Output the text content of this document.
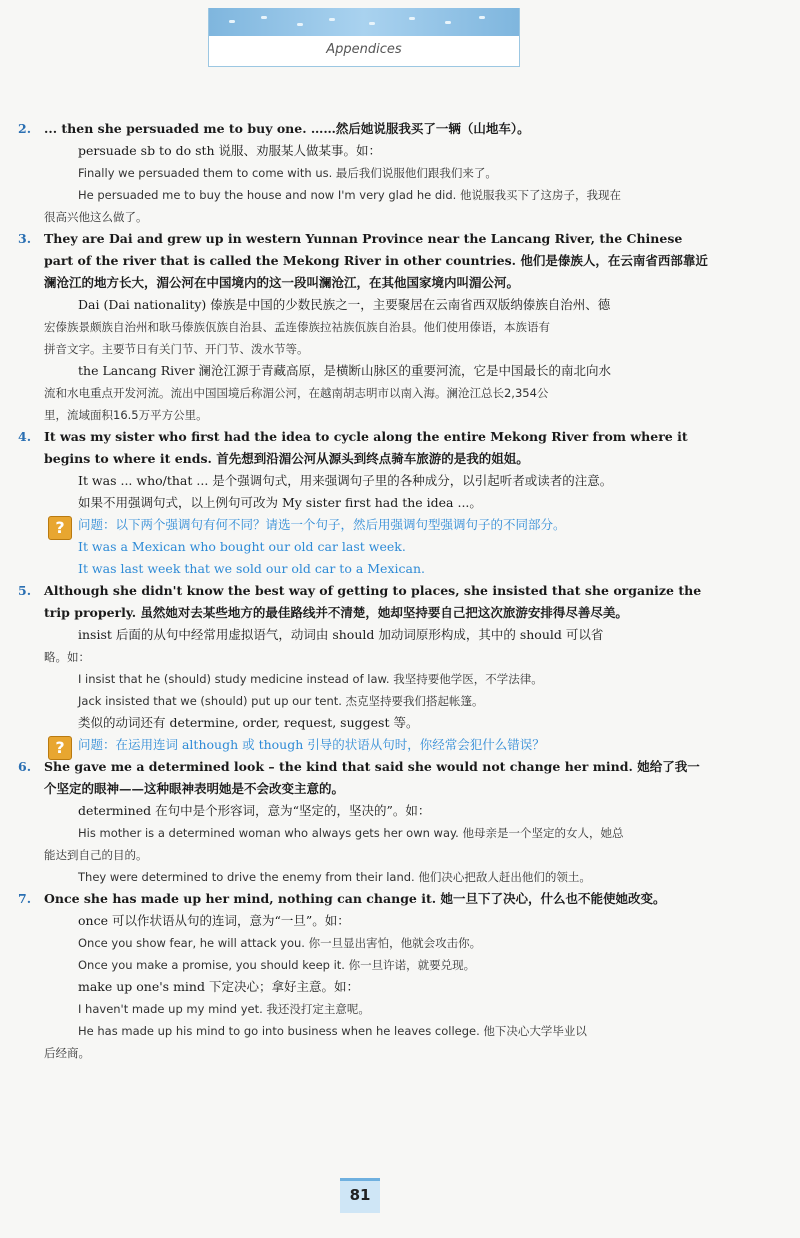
Appendices
2. ... then she persuaded me to buy one. ……然后她说服我买了一辆（山地车）。
persuade sb to do sth 说服、劝服某人做某事。如：
Finally we persuaded them to come with us. 最后我们说服他们跟我们来了。
He persuaded me to buy the house and now I'm very glad he did. 他说服我买下了这房子，我现在
很高兴他这么做了。
3. They are Dai and grew up in western Yunnan Province near the Lancang River, the Chinese part of the river that is called the Mekong River in other countries. 他们是傣族人，在云南省西部靠近澜沧江的地方长大，湄公河在中国境内的这一段叫澜沧江，在其他国家境内叫湄公河。
Dai (Dai nationality) 傣族是中国的少数民族之一，主要聚居在云南省西双版纳傣族自治州、德
宏傣族景颇族自治州和耿马傣族佤族自治县、孟连傣族拉祜族佤族自治县。他们使用傣语，本族语有
拼音文字。主要节日有关门节、开门节、泼水节等。
the Lancang River 澜沧江源于青藏高原，是横断山脉区的重要河流，它是中国最长的南北向水
流和水电重点开发河流。流出中国国境后称湄公河，在越南胡志明市以南入海。澜沧江总长2,354公
里，流域面积16.5万平方公里。
4. It was my sister who first had the idea to cycle along the entire Mekong River from where it begins to where it ends. 首先想到沿湄公河从源头到终点骑车旅游的是我的姐姐。
It was ... who/that ... 是个强调句式，用来强调句子里的各种成分，以引起听者或读者的注意。
如果不用强调句式，以上例句可改为 My sister first had the idea ...。
?	问题：以下两个强调句有何不同？请选一个句子，然后用强调句型强调句子的不同部分。
It was a Mexican who bought our old car last week.
It was last week that we sold our old car to a Mexican.
5. Although she didn't know the best way of getting to places, she insisted that she organize the trip properly. 虽然她对去某些地方的最佳路线并不清楚，她却坚持要自己把这次旅游安排得尽善尽美。
insist 后面的从句中经常用虚拟语气，动词由 should 加动词原形构成，其中的 should 可以省
略。如：
I insist that he (should) study medicine instead of law. 我坚持要他学医，不学法律。
Jack insisted that we (should) put up our tent. 杰克坚持要我们搭起帐篷。
类似的动词还有 determine, order, request, suggest 等。
?	问题：在运用连词 although 或 though 引导的状语从句时，你经常会犯什么错误？
6. She gave me a determined look – the kind that said she would not change her mind. 她给了我一个坚定的眼神——这种眼神表明她是不会改变主意的。
determined 在句中是个形容词，意为“坚定的，坚决的”。如：
His mother is a determined woman who always gets her own way. 他母亲是一个坚定的女人，她总
能达到自己的目的。
They were determined to drive the enemy from their land. 他们决心把敌人赶出他们的领土。
7. Once she has made up her mind, nothing can change it. 她一旦下了决心，什么也不能使她改变。
once 可以作状语从句的连词，意为“一旦”。如：
Once you show fear, he will attack you. 你一旦显出害怕，他就会攻击你。
Once you make a promise, you should keep it. 你一旦许诺，就要兑现。
make up one's mind 下定决心；拿好主意。如：
I haven't made up my mind yet. 我还没打定主意呢。
He has made up his mind to go into business when he leaves college. 他下决心大学毕业以
后经商。
81
